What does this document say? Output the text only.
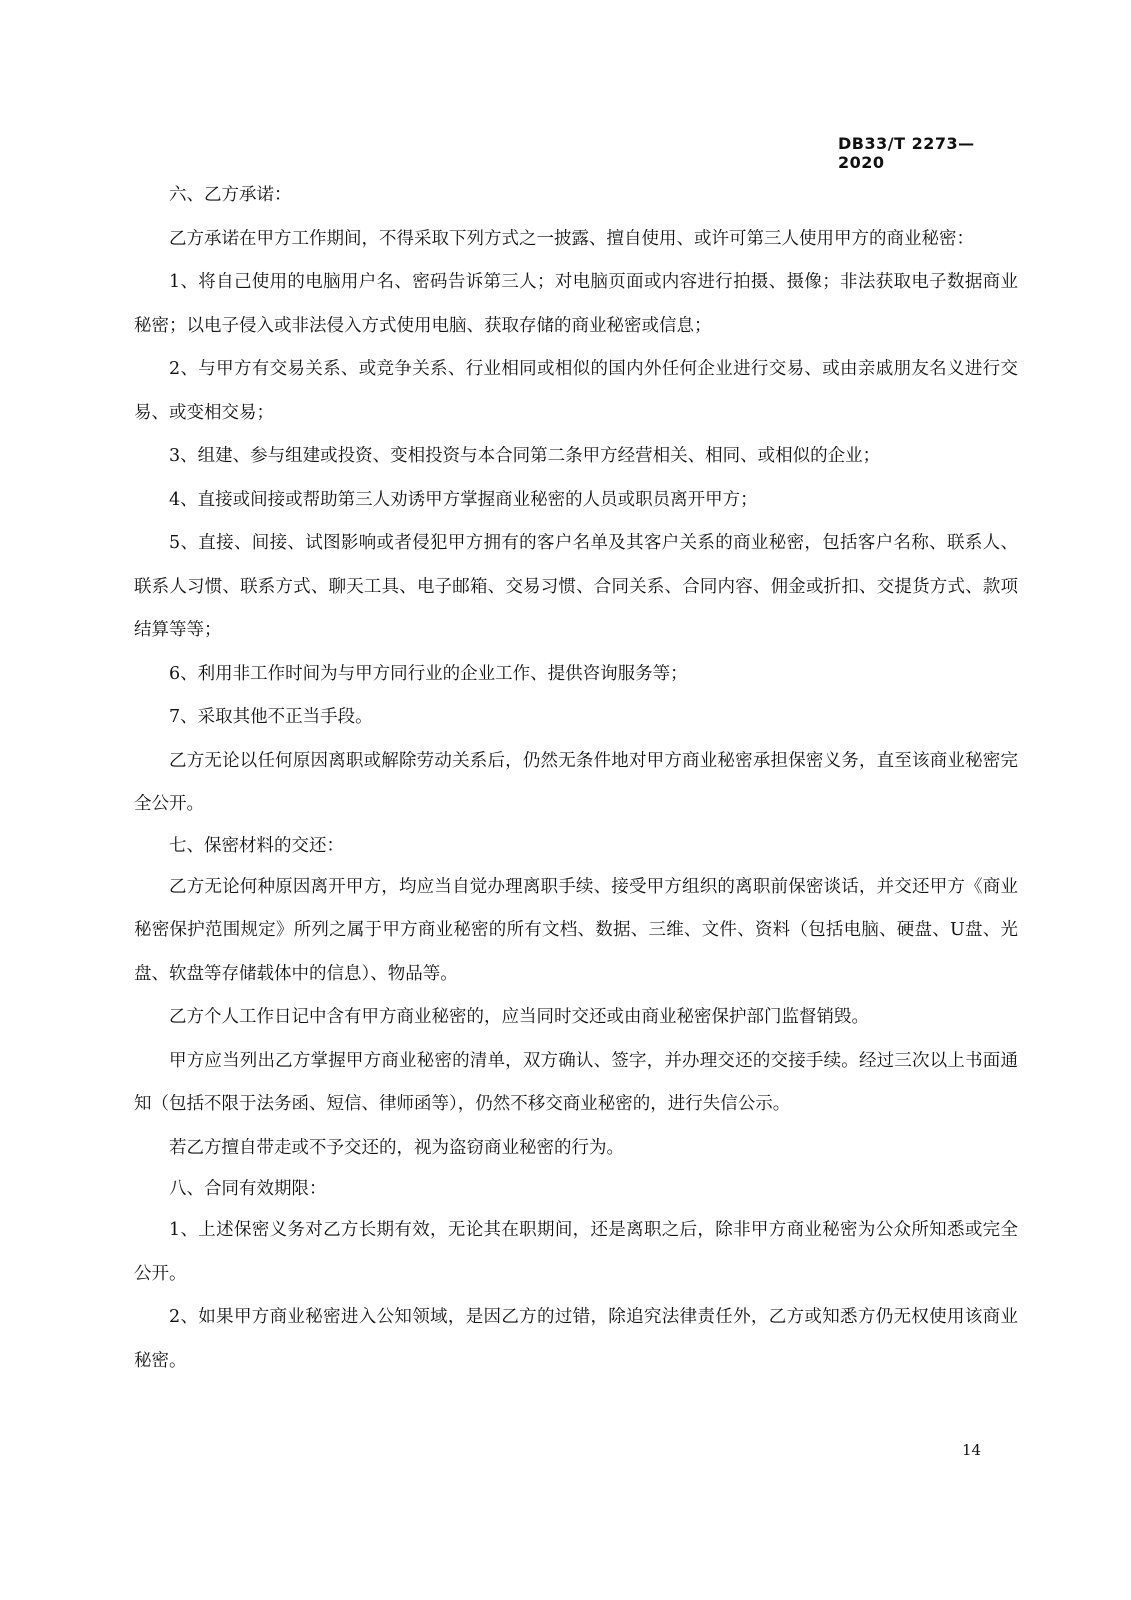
DB33/T 2273—2020

六、乙方承诺：

乙方承诺在甲方工作期间，不得采取下列方式之一披露、擅自使用、或许可第三人使用甲方的商业秘密：

1、将自己使用的电脑用户名、密码告诉第三人；对电脑页面或内容进行拍摄、摄像；非法获取电子数据商业秘密；以电子侵入或非法侵入方式使用电脑、获取存储的商业秘密或信息；

2、与甲方有交易关系、或竞争关系、行业相同或相似的国内外任何企业进行交易、或由亲戚朋友名义进行交易、或变相交易；

3、组建、参与组建或投资、变相投资与本合同第二条甲方经营相关、相同、或相似的企业；

4、直接或间接或帮助第三人劝诱甲方掌握商业秘密的人员或职员离开甲方；

5、直接、间接、试图影响或者侵犯甲方拥有的客户名单及其客户关系的商业秘密，包括客户名称、联系人、联系人习惯、联系方式、聊天工具、电子邮箱、交易习惯、合同关系、合同内容、佣金或折扣、交提货方式、款项结算等等；

6、利用非工作时间为与甲方同行业的企业工作、提供咨询服务等；

7、采取其他不正当手段。

乙方无论以任何原因离职或解除劳动关系后，仍然无条件地对甲方商业秘密承担保密义务，直至该商业秘密完全公开。

七、保密材料的交还：

乙方无论何种原因离开甲方，均应当自觉办理离职手续、接受甲方组织的离职前保密谈话，并交还甲方《商业秘密保护范围规定》所列之属于甲方商业秘密的所有文档、数据、三维、文件、资料（包括电脑、硬盘、U盘、光盘、软盘等存储载体中的信息）、物品等。

乙方个人工作日记中含有甲方商业秘密的，应当同时交还或由商业秘密保护部门监督销毁。

甲方应当列出乙方掌握甲方商业秘密的清单，双方确认、签字，并办理交还的交接手续。经过三次以上书面通知（包括不限于法务函、短信、律师函等），仍然不移交商业秘密的，进行失信公示。

若乙方擅自带走或不予交还的，视为盗窃商业秘密的行为。

八、合同有效期限：

1、上述保密义务对乙方长期有效，无论其在职期间，还是离职之后，除非甲方商业秘密为公众所知悉或完全公开。

2、如果甲方商业秘密进入公知领域，是因乙方的过错，除追究法律责任外，乙方或知悉方仍无权使用该商业秘密。

14
